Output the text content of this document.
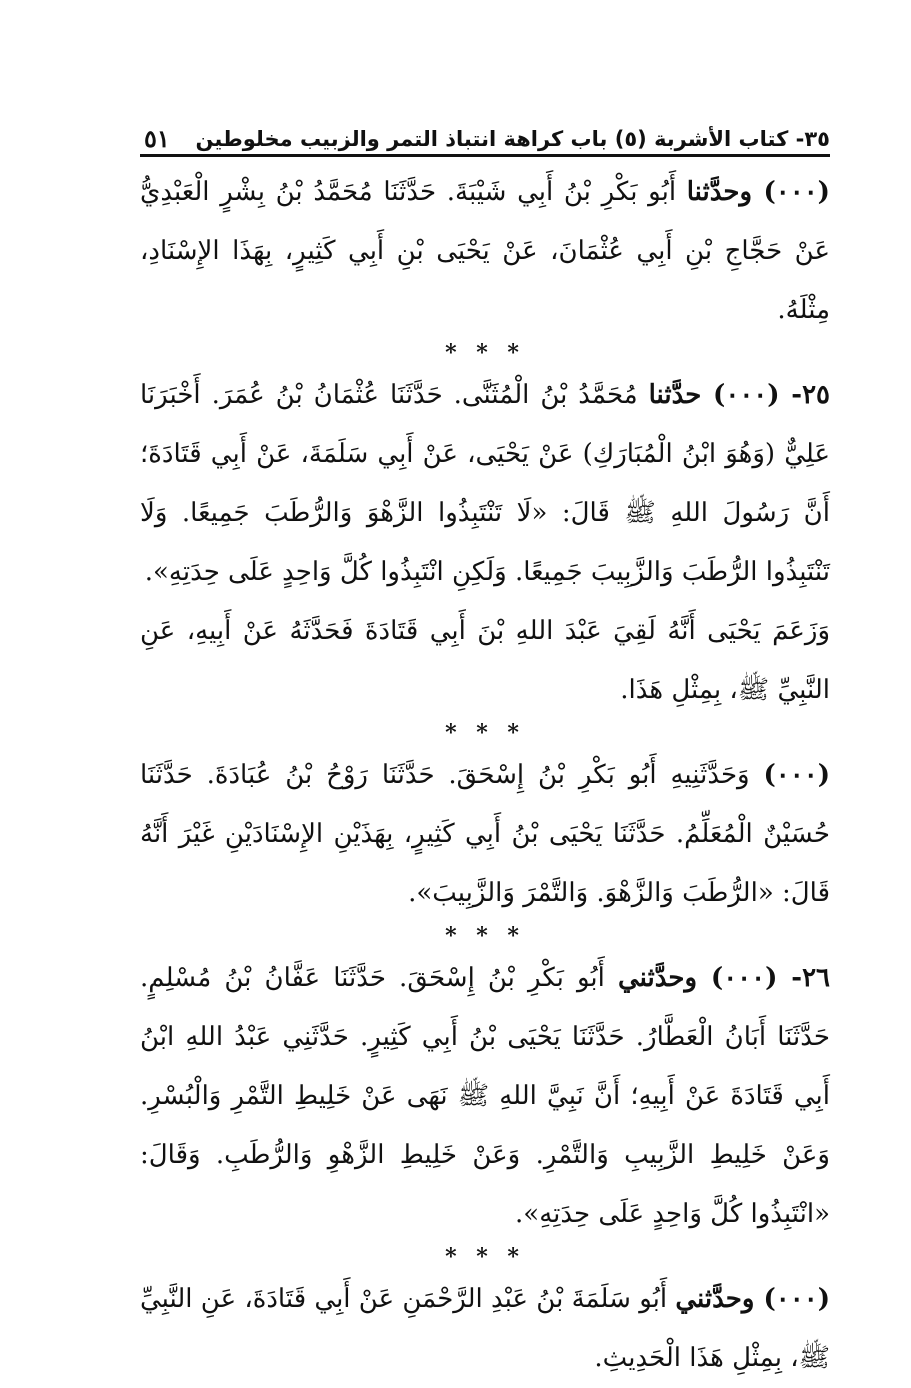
٣٥- كتاب الأشربة (٥) باب كراهة انتباذ التمر والزبيب مخلوطين
٥١

(٠٠٠) وحدَّثنا أَبُو بَكْرِ بْنُ أَبِي شَيْبَةَ. حَدَّثَنَا مُحَمَّدُ بْنُ بِشْرٍ الْعَبْدِيُّ عَنْ حَجَّاجِ بْنِ أَبِي عُثْمَانَ، عَنْ يَحْيَى بْنِ أَبِي كَثِيرٍ، بِهَذَا الإِسْنَادِ، مِثْلَهُ.

* * *

٢٥- (٠٠٠) حدَّثنا مُحَمَّدُ بْنُ الْمُثَنَّى. حَدَّثَنَا عُثْمَانُ بْنُ عُمَرَ. أَخْبَرَنَا عَلِيٌّ (وَهُوَ ابْنُ الْمُبَارَكِ) عَنْ يَحْيَى، عَنْ أَبِي سَلَمَةَ، عَنْ أَبِي قَتَادَةَ؛ أَنَّ رَسُولَ اللهِ ﷺ قَالَ: «لَا تَنْتَبِذُوا الزَّهْوَ وَالرُّطَبَ جَمِيعًا. وَلَا تَنْتَبِذُوا الرُّطَبَ وَالزَّبِيبَ جَمِيعًا. وَلَكِنِ انْتَبِذُوا كُلَّ وَاحِدٍ عَلَى حِدَتِهِ».

وَزَعَمَ يَحْيَى أَنَّهُ لَقِيَ عَبْدَ اللهِ بْنَ أَبِي قَتَادَةَ فَحَدَّثَهُ عَنْ أَبِيهِ، عَنِ النَّبِيِّ ﷺ، بِمِثْلِ هَذَا.

* * *

(٠٠٠) وَحَدَّثَنِيهِ أَبُو بَكْرِ بْنُ إِسْحَقَ. حَدَّثَنَا رَوْحُ بْنُ عُبَادَةَ. حَدَّثَنَا حُسَيْنٌ الْمُعَلِّمُ. حَدَّثَنَا يَحْيَى بْنُ أَبِي كَثِيرٍ، بِهَذَيْنِ الإِسْنَادَيْنِ غَيْرَ أَنَّهُ قَالَ: «الرُّطَبَ وَالزَّهْوَ. وَالتَّمْرَ وَالزَّبِيبَ».

* * *

٢٦- (٠٠٠) وحدَّثني أَبُو بَكْرِ بْنُ إِسْحَقَ. حَدَّثَنَا عَفَّانُ بْنُ مُسْلِمٍ. حَدَّثَنَا أَبَانُ الْعَطَّارُ. حَدَّثَنَا يَحْيَى بْنُ أَبِي كَثِيرٍ. حَدَّثَنِي عَبْدُ اللهِ ابْنُ أَبِي قَتَادَةَ عَنْ أَبِيهِ؛ أَنَّ نَبِيَّ اللهِ ﷺ نَهَى عَنْ خَلِيطِ التَّمْرِ وَالْبُسْرِ. وَعَنْ خَلِيطِ الزَّبِيبِ وَالتَّمْرِ. وَعَنْ خَلِيطِ الزَّهْوِ وَالرُّطَبِ. وَقَالَ: «انْتَبِذُوا كُلَّ وَاحِدٍ عَلَى حِدَتِهِ».

* * *

(٠٠٠) وحدَّثني أَبُو سَلَمَةَ بْنُ عَبْدِ الرَّحْمَنِ عَنْ أَبِي قَتَادَةَ، عَنِ النَّبِيِّ ﷺ، بِمِثْلِ هَذَا الْحَدِيثِ.
